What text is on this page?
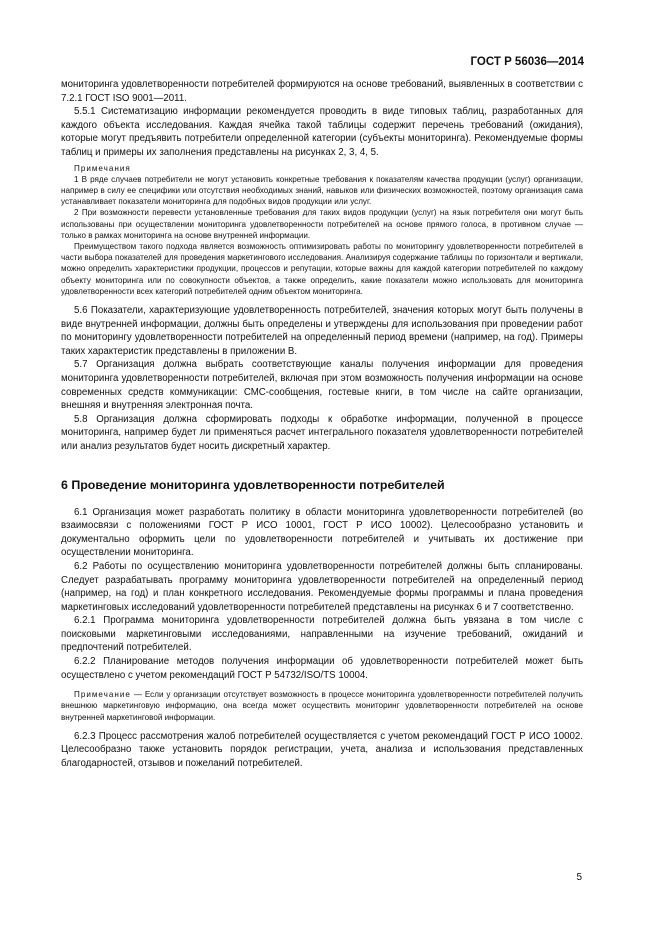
ГОСТ Р 56036—2014

мониторинга удовлетворенности потребителей формируются на основе требований, выявленных в соответствии с 7.2.1 ГОСТ ISO 9001—2011.

5.5.1 Систематизацию информации рекомендуется проводить в виде типовых таблиц, разработанных для каждого объекта исследования. Каждая ячейка такой таблицы содержит перечень требований (ожидания), которые могут предъявить потребители определенной категории (субъекты мониторинга). Рекомендуемые формы таблиц и примеры их заполнения представлены на рисунках 2, 3, 4, 5.

Примечания

1 В ряде случаев потребители не могут установить конкретные требования к показателям качества продукции (услуг) организации, например в силу ее специфики или отсутствия необходимых знаний, навыков или физических возможностей, поэтому организация сама устанавливает показатели мониторинга для подобных видов продукции или услуг.

2 При возможности перевести установленные требования для таких видов продукции (услуг) на язык потребителя они могут быть использованы при осуществлении мониторинга удовлетворенности потребителей на основе прямого голоса, в противном случае — только в рамках мониторинга на основе внутренней информации.

Преимуществом такого подхода является возможность оптимизировать работы по мониторингу удовлетворенности потребителей в части выбора показателей для проведения маркетингового исследования. Анализируя содержание таблицы по горизонтали и вертикали, можно определить характеристики продукции, процессов и репутации, которые важны для каждой категории потребителей по каждому объекту мониторинга или по совокупности объектов, а также определить, какие показатели можно использовать для мониторинга удовлетворенности всех категорий потребителей одним объектом мониторинга.

5.6 Показатели, характеризующие удовлетворенность потребителей, значения которых могут быть получены в виде внутренней информации, должны быть определены и утверждены для использования при проведении работ по мониторингу удовлетворенности потребителей на определенный период времени (например, на год). Примеры таких характеристик представлены в приложении В.

5.7 Организация должна выбрать соответствующие каналы получения информации для проведения мониторинга удовлетворенности потребителей, включая при этом возможность получения информации на основе современных средств коммуникации: СМС-сообщения, гостевые книги, в том числе на сайте организации, внешняя и внутренняя электронная почта.

5.8 Организация должна сформировать подходы к обработке информации, полученной в процессе мониторинга, например будет ли применяться расчет интегрального показателя удовлетворенности потребителей или анализ результатов будет носить дискретный характер.

6 Проведение мониторинга удовлетворенности потребителей

6.1 Организация может разработать политику в области мониторинга удовлетворенности потребителей (во взаимосвязи с положениями ГОСТ Р ИСО 10001, ГОСТ Р ИСО 10002). Целесообразно установить и документально оформить цели по удовлетворенности потребителей и учитывать их достижение при осуществлении мониторинга.

6.2 Работы по осуществлению мониторинга удовлетворенности потребителей должны быть спланированы. Следует разрабатывать программу мониторинга удовлетворенности потребителей на определенный период (например, на год) и план конкретного исследования. Рекомендуемые формы программы и плана проведения маркетинговых исследований удовлетворенности потребителей представлены на рисунках 6 и 7 соответственно.

6.2.1 Программа мониторинга удовлетворенности потребителей должна быть увязана в том числе с поисковыми маркетинговыми исследованиями, направленными на изучение требований, ожиданий и предпочтений потребителей.

6.2.2 Планирование методов получения информации об удовлетворенности потребителей может быть осуществлено с учетом рекомендаций ГОСТ Р 54732/ISO/TS 10004.

Примечание — Если у организации отсутствует возможность в процессе мониторинга удовлетворенности потребителей получить внешнюю маркетинговую информацию, она всегда может осуществить мониторинг удовлетворенности потребителей на основе внутренней маркетинговой информации.

6.2.3 Процесс рассмотрения жалоб потребителей осуществляется с учетом рекомендаций ГОСТ Р ИСО 10002. Целесообразно также установить порядок регистрации, учета, анализа и использования представленных благодарностей, отзывов и пожеланий потребителей.

5
